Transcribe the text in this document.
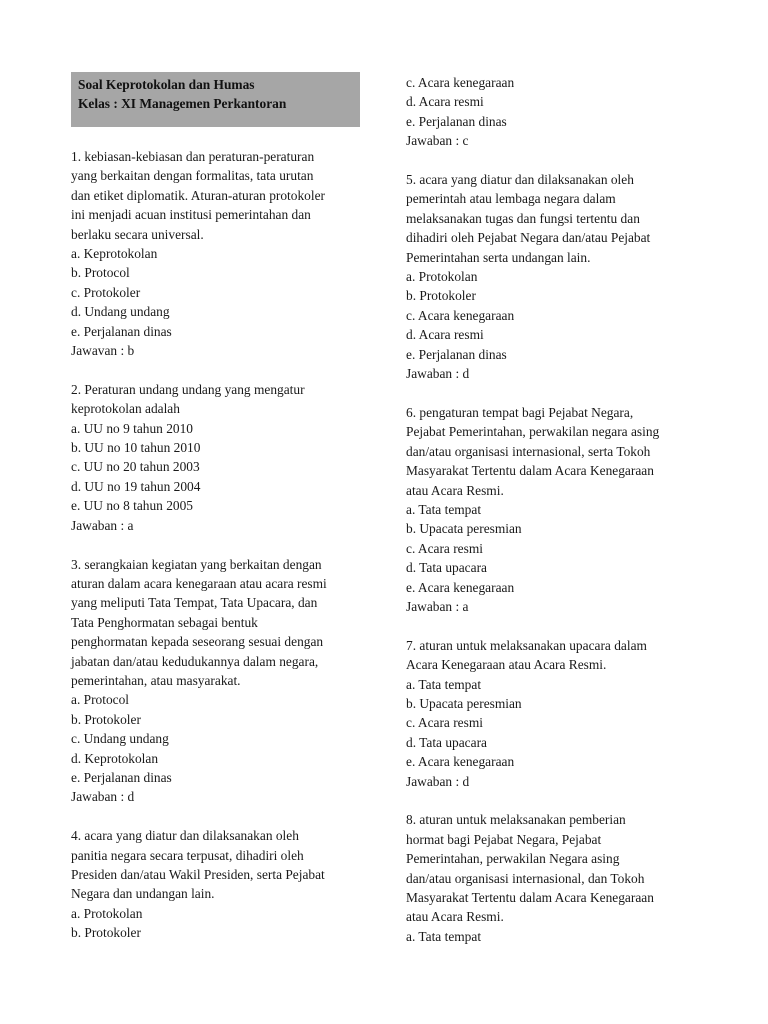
Soal Keprotokolan dan Humas
Kelas : XI Managemen Perkantoran
1. kebiasan-kebiasan dan peraturan-peraturan
yang berkaitan dengan formalitas, tata urutan
dan etiket diplomatik. Aturan-aturan protokoler
ini menjadi acuan institusi pemerintahan dan
berlaku secara universal.
a. Keprotokolan
b. Protocol
c. Protokoler
d. Undang undang
e. Perjalanan dinas
Jawavan : b
2. Peraturan undang undang yang mengatur
keprotokolan adalah
a. UU no 9 tahun 2010
b. UU no 10 tahun 2010
c. UU no 20 tahun 2003
d. UU no 19 tahun 2004
e. UU no 8 tahun 2005
Jawaban : a
3. serangkaian kegiatan yang berkaitan dengan
aturan dalam acara kenegaraan atau acara resmi
yang meliputi Tata Tempat, Tata Upacara, dan
Tata Penghormatan sebagai bentuk
penghormatan kepada seseorang sesuai dengan
jabatan dan/atau kedudukannya dalam negara,
pemerintahan, atau masyarakat.
a. Protocol
b. Protokoler
c. Undang undang
d. Keprotokolan
e. Perjalanan dinas
Jawaban : d
4. acara yang diatur dan dilaksanakan oleh
panitia negara secara terpusat, dihadiri oleh
Presiden dan/atau Wakil Presiden, serta Pejabat
Negara dan undangan lain.
a. Protokolan
b. Protokoler
c. Acara kenegaraan
d. Acara resmi
e. Perjalanan dinas
Jawaban : c
5. acara yang diatur dan dilaksanakan oleh
pemerintah atau lembaga negara dalam
melaksanakan tugas dan fungsi tertentu dan
dihadiri oleh Pejabat Negara dan/atau Pejabat
Pemerintahan serta undangan lain.
a. Protokolan
b. Protokoler
c. Acara kenegaraan
d. Acara resmi
e. Perjalanan dinas
Jawaban : d
6. pengaturan tempat bagi Pejabat Negara,
Pejabat Pemerintahan, perwakilan negara asing
dan/atau organisasi internasional, serta Tokoh
Masyarakat Tertentu dalam Acara Kenegaraan
atau Acara Resmi.
a. Tata tempat
b. Upacata peresmian
c. Acara resmi
d. Tata upacara
e. Acara kenegaraan
Jawaban : a
7. aturan untuk melaksanakan upacara dalam
Acara Kenegaraan atau Acara Resmi.
a. Tata tempat
b. Upacata peresmian
c. Acara resmi
d. Tata upacara
e. Acara kenegaraan
Jawaban : d
8. aturan untuk melaksanakan pemberian
hormat bagi Pejabat Negara, Pejabat
Pemerintahan, perwakilan Negara asing
dan/atau organisasi internasional, dan Tokoh
Masyarakat Tertentu dalam Acara Kenegaraan
atau Acara Resmi.
a. Tata tempat
